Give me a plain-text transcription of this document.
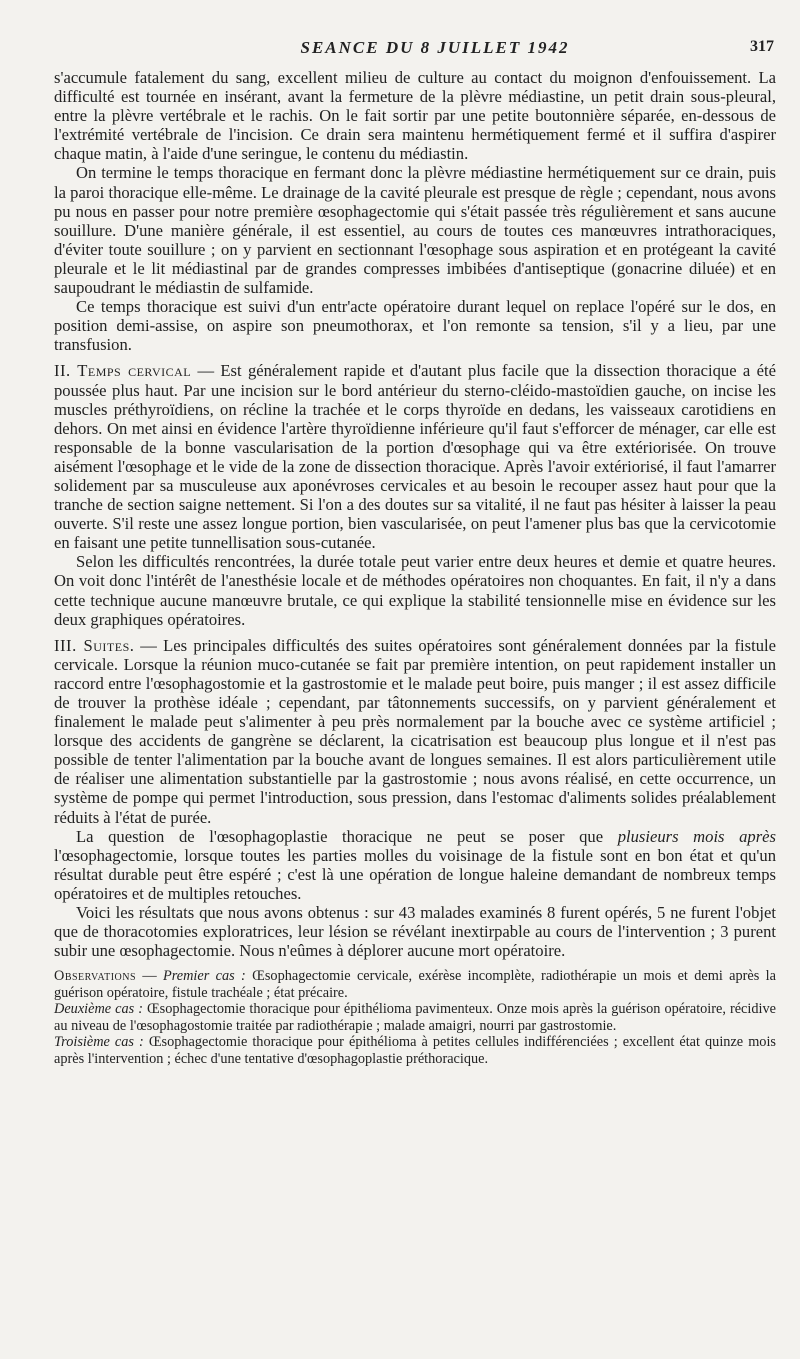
SEANCE DU 8 JUILLET 1942	317

s'accumule fatalement du sang, excellent milieu de culture au contact du moignon d'enfouissement. La difficulté est tournée en insérant, avant la fermeture de la plèvre médiastine, un petit drain sous-pleural, entre la plèvre vertébrale et le rachis. On le fait sortir par une petite boutonnière séparée, en-dessous de l'extrémité vertébrale de l'incision. Ce drain sera maintenu hermétiquement fermé et il suffira d'aspirer chaque matin, à l'aide d'une seringue, le contenu du médiastin.

On termine le temps thoracique en fermant donc la plèvre médiastine hermétiquement sur ce drain, puis la paroi thoracique elle-même. Le drainage de la cavité pleurale est presque de règle ; cependant, nous avons pu nous en passer pour notre première œsophagectomie qui s'était passée très régulièrement et sans aucune souillure. D'une manière générale, il est essentiel, au cours de toutes ces manœuvres intrathoraciques, d'éviter toute souillure ; on y parvient en sectionnant l'œsophage sous aspiration et en protégeant la cavité pleurale et le lit médiastinal par de grandes compresses imbibées d'antiseptique (gonacrine diluée) et en saupoudrant le médiastin de sulfamide.

Ce temps thoracique est suivi d'un entr'acte opératoire durant lequel on replace l'opéré sur le dos, en position demi-assise, on aspire son pneumothorax, et l'on remonte sa tension, s'il y a lieu, par une transfusion.

II. Temps cervical — Est généralement rapide et d'autant plus facile que la dissection thoracique a été poussée plus haut. Par une incision sur le bord antérieur du sterno-cléido-mastoïdien gauche, on incise les muscles préthyroïdiens, on récline la trachée et le corps thyroïde en dedans, les vaisseaux carotidiens en dehors. On met ainsi en évidence l'artère thyroïdienne inférieure qu'il faut s'efforcer de ménager, car elle est responsable de la bonne vascularisation de la portion d'œsophage qui va être extériorisée. On trouve aisément l'œsophage et le vide de la zone de dissection thoracique. Après l'avoir extériorisé, il faut l'amarrer solidement par sa musculeuse aux aponévroses cervicales et au besoin le recouper assez haut pour que la tranche de section saigne nettement. Si l'on a des doutes sur sa vitalité, il ne faut pas hésiter à laisser la peau ouverte. S'il reste une assez longue portion, bien vascularisée, on peut l'amener plus bas que la cervicotomie en faisant une petite tunnellisation sous-cutanée.

Selon les difficultés rencontrées, la durée totale peut varier entre deux heures et demie et quatre heures. On voit donc l'intérêt de l'anesthésie locale et de méthodes opératoires non choquantes. En fait, il n'y a dans cette technique aucune manœuvre brutale, ce qui explique la stabilité tensionnelle mise en évidence sur les deux graphiques opératoires.

III. Suites. — Les principales difficultés des suites opératoires sont généralement données par la fistule cervicale. Lorsque la réunion muco-cutanée se fait par première intention, on peut rapidement installer un raccord entre l'œsophagostomie et la gastrostomie et le malade peut boire, puis manger ; il est assez difficile de trouver la prothèse idéale ; cependant, par tâtonnements successifs, on y parvient généralement et finalement le malade peut s'alimenter à peu près normalement par la bouche avec ce système artificiel ; lorsque des accidents de gangrène se déclarent, la cicatrisation est beaucoup plus longue et il n'est pas possible de tenter l'alimentation par la bouche avant de longues semaines. Il est alors particulièrement utile de réaliser une alimentation substantielle par la gastrostomie ; nous avons réalisé, en cette occurrence, un système de pompe qui permet l'introduction, sous pression, dans l'estomac d'aliments solides préalablement réduits à l'état de purée.

La question de l'œsophagoplastie thoracique ne peut se poser que plusieurs mois après l'œsophagectomie, lorsque toutes les parties molles du voisinage de la fistule sont en bon état et qu'un résultat durable peut être espéré ; c'est là une opération de longue haleine demandant de nombreux temps opératoires et de multiples retouches.

Voici les résultats que nous avons obtenus : sur 43 malades examinés 8 furent opérés, 5 ne furent l'objet que de thoracotomies exploratrices, leur lésion se révélant inextirpable au cours de l'intervention ; 3 purent subir une œsophagectomie. Nous n'eûmes à déplorer aucune mort opératoire.

Observations — Premier cas : Œsophagectomie cervicale, exérèse incomplète, radiothérapie un mois et demi après la guérison opératoire, fistule trachéale ; état précaire.

Deuxième cas : Œsophagectomie thoracique pour épithélioma pavimenteux. Onze mois après la guérison opératoire, récidive au niveau de l'œsophagostomie traitée par radiothérapie ; malade amaigri, nourri par gastrostomie.

Troisième cas : Œsophagectomie thoracique pour épithélioma à petites cellules indifférenciées ; excellent état quinze mois après l'intervention ; échec d'une tentative d'œsophagoplastie préthoracique.
